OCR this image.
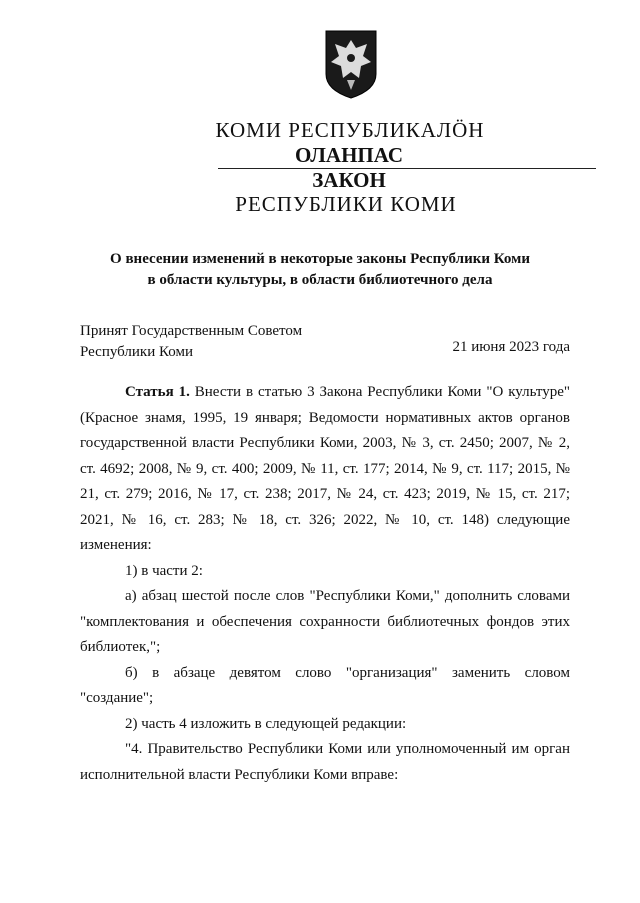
КОМИ РЕСПУБЛИКАЛÖН
ОЛАНПАС
ЗАКОН
РЕСПУБЛИКИ КОМИ
О внесении изменений в некоторые законы Республики Коми
в области культуры, в области библиотечного дела
Принят Государственным Советом
Республики Коми	21 июня 2023 года

Статья 1. Внести в статью 3 Закона Республики Коми "О культуре" (Красное знамя, 1995, 19 января; Ведомости нормативных актов органов государственной власти Республики Коми, 2003, № 3, ст. 2450; 2007, № 2, ст. 4692; 2008, № 9, ст. 400; 2009, № 11, ст. 177; 2014, № 9, ст. 117; 2015, № 21, ст. 279; 2016, № 17, ст. 238; 2017, № 24, ст. 423; 2019, № 15, ст. 217; 2021, № 16, ст. 283; № 18, ст. 326; 2022, № 10, ст. 148) следующие изменения:

1) в части 2:

а) абзац шестой после слов "Республики Коми," дополнить словами "комплектования и обеспечения сохранности библиотечных фондов этих библиотек,";

б) в абзаце девятом слово "организация" заменить словом "создание";

2) часть 4 изложить в следующей редакции:

"4. Правительство Республики Коми или уполномоченный им орган исполнительной власти Республики Коми вправе:
